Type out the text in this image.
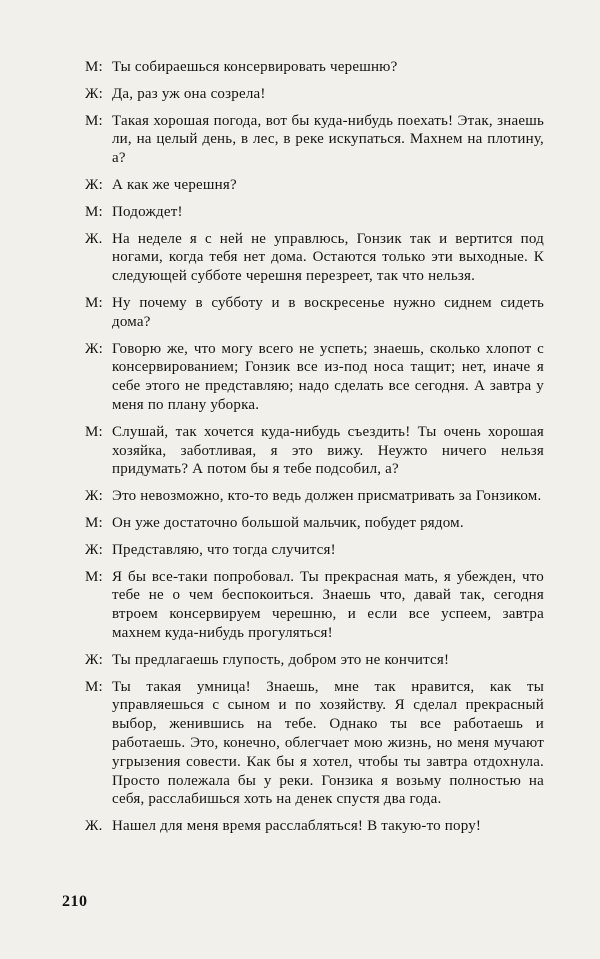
М: Ты собираешься консервировать черешню?
Ж: Да, раз уж она созрела!
М: Такая хорошая погода, вот бы куда-нибудь поехать! Этак, знаешь ли, на целый день, в лес, в реке искупаться. Махнем на плотину, а?
Ж: А как же черешня?
М: Подождет!
Ж. На неделе я с ней не управлюсь, Гонзик так и вертится под ногами, когда тебя нет дома. Остаются только эти выходные. К следующей субботе черешня перезреет, так что нельзя.
М: Ну почему в субботу и в воскресенье нужно сиднем сидеть дома?
Ж: Говорю же, что могу всего не успеть; знаешь, сколько хлопот с консервированием; Гонзик все из-под носа тащит; нет, иначе я себе этого не представляю; надо сделать все сегодня. А завтра у меня по плану уборка.
М: Слушай, так хочется куда-нибудь съездить! Ты очень хорошая хозяйка, заботливая, я это вижу. Неужто ничего нельзя придумать? А потом бы я тебе подсобил, а?
Ж: Это невозможно, кто-то ведь должен присматривать за Гонзиком.
М: Он уже достаточно большой мальчик, побудет рядом.
Ж: Представляю, что тогда случится!
М: Я бы все-таки попробовал. Ты прекрасная мать, я убежден, что тебе не о чем беспокоиться. Знаешь что, давай так, сегодня втроем консервируем черешню, и если все успеем, завтра махнем куда-нибудь прогуляться!
Ж: Ты предлагаешь глупость, добром это не кончится!
М: Ты такая умница! Знаешь, мне так нравится, как ты управляешься с сыном и по хозяйству. Я сделал прекрасный выбор, женившись на тебе. Однако ты все работаешь и работаешь. Это, конечно, облегчает мою жизнь, но меня мучают угрызения совести. Как бы я хотел, чтобы ты завтра отдохнула. Просто полежала бы у реки. Гонзика я возьму полностью на себя, расслабишься хоть на денек спустя два года.
Ж. Нашел для меня время расслабляться! В такую-то пору!
210
